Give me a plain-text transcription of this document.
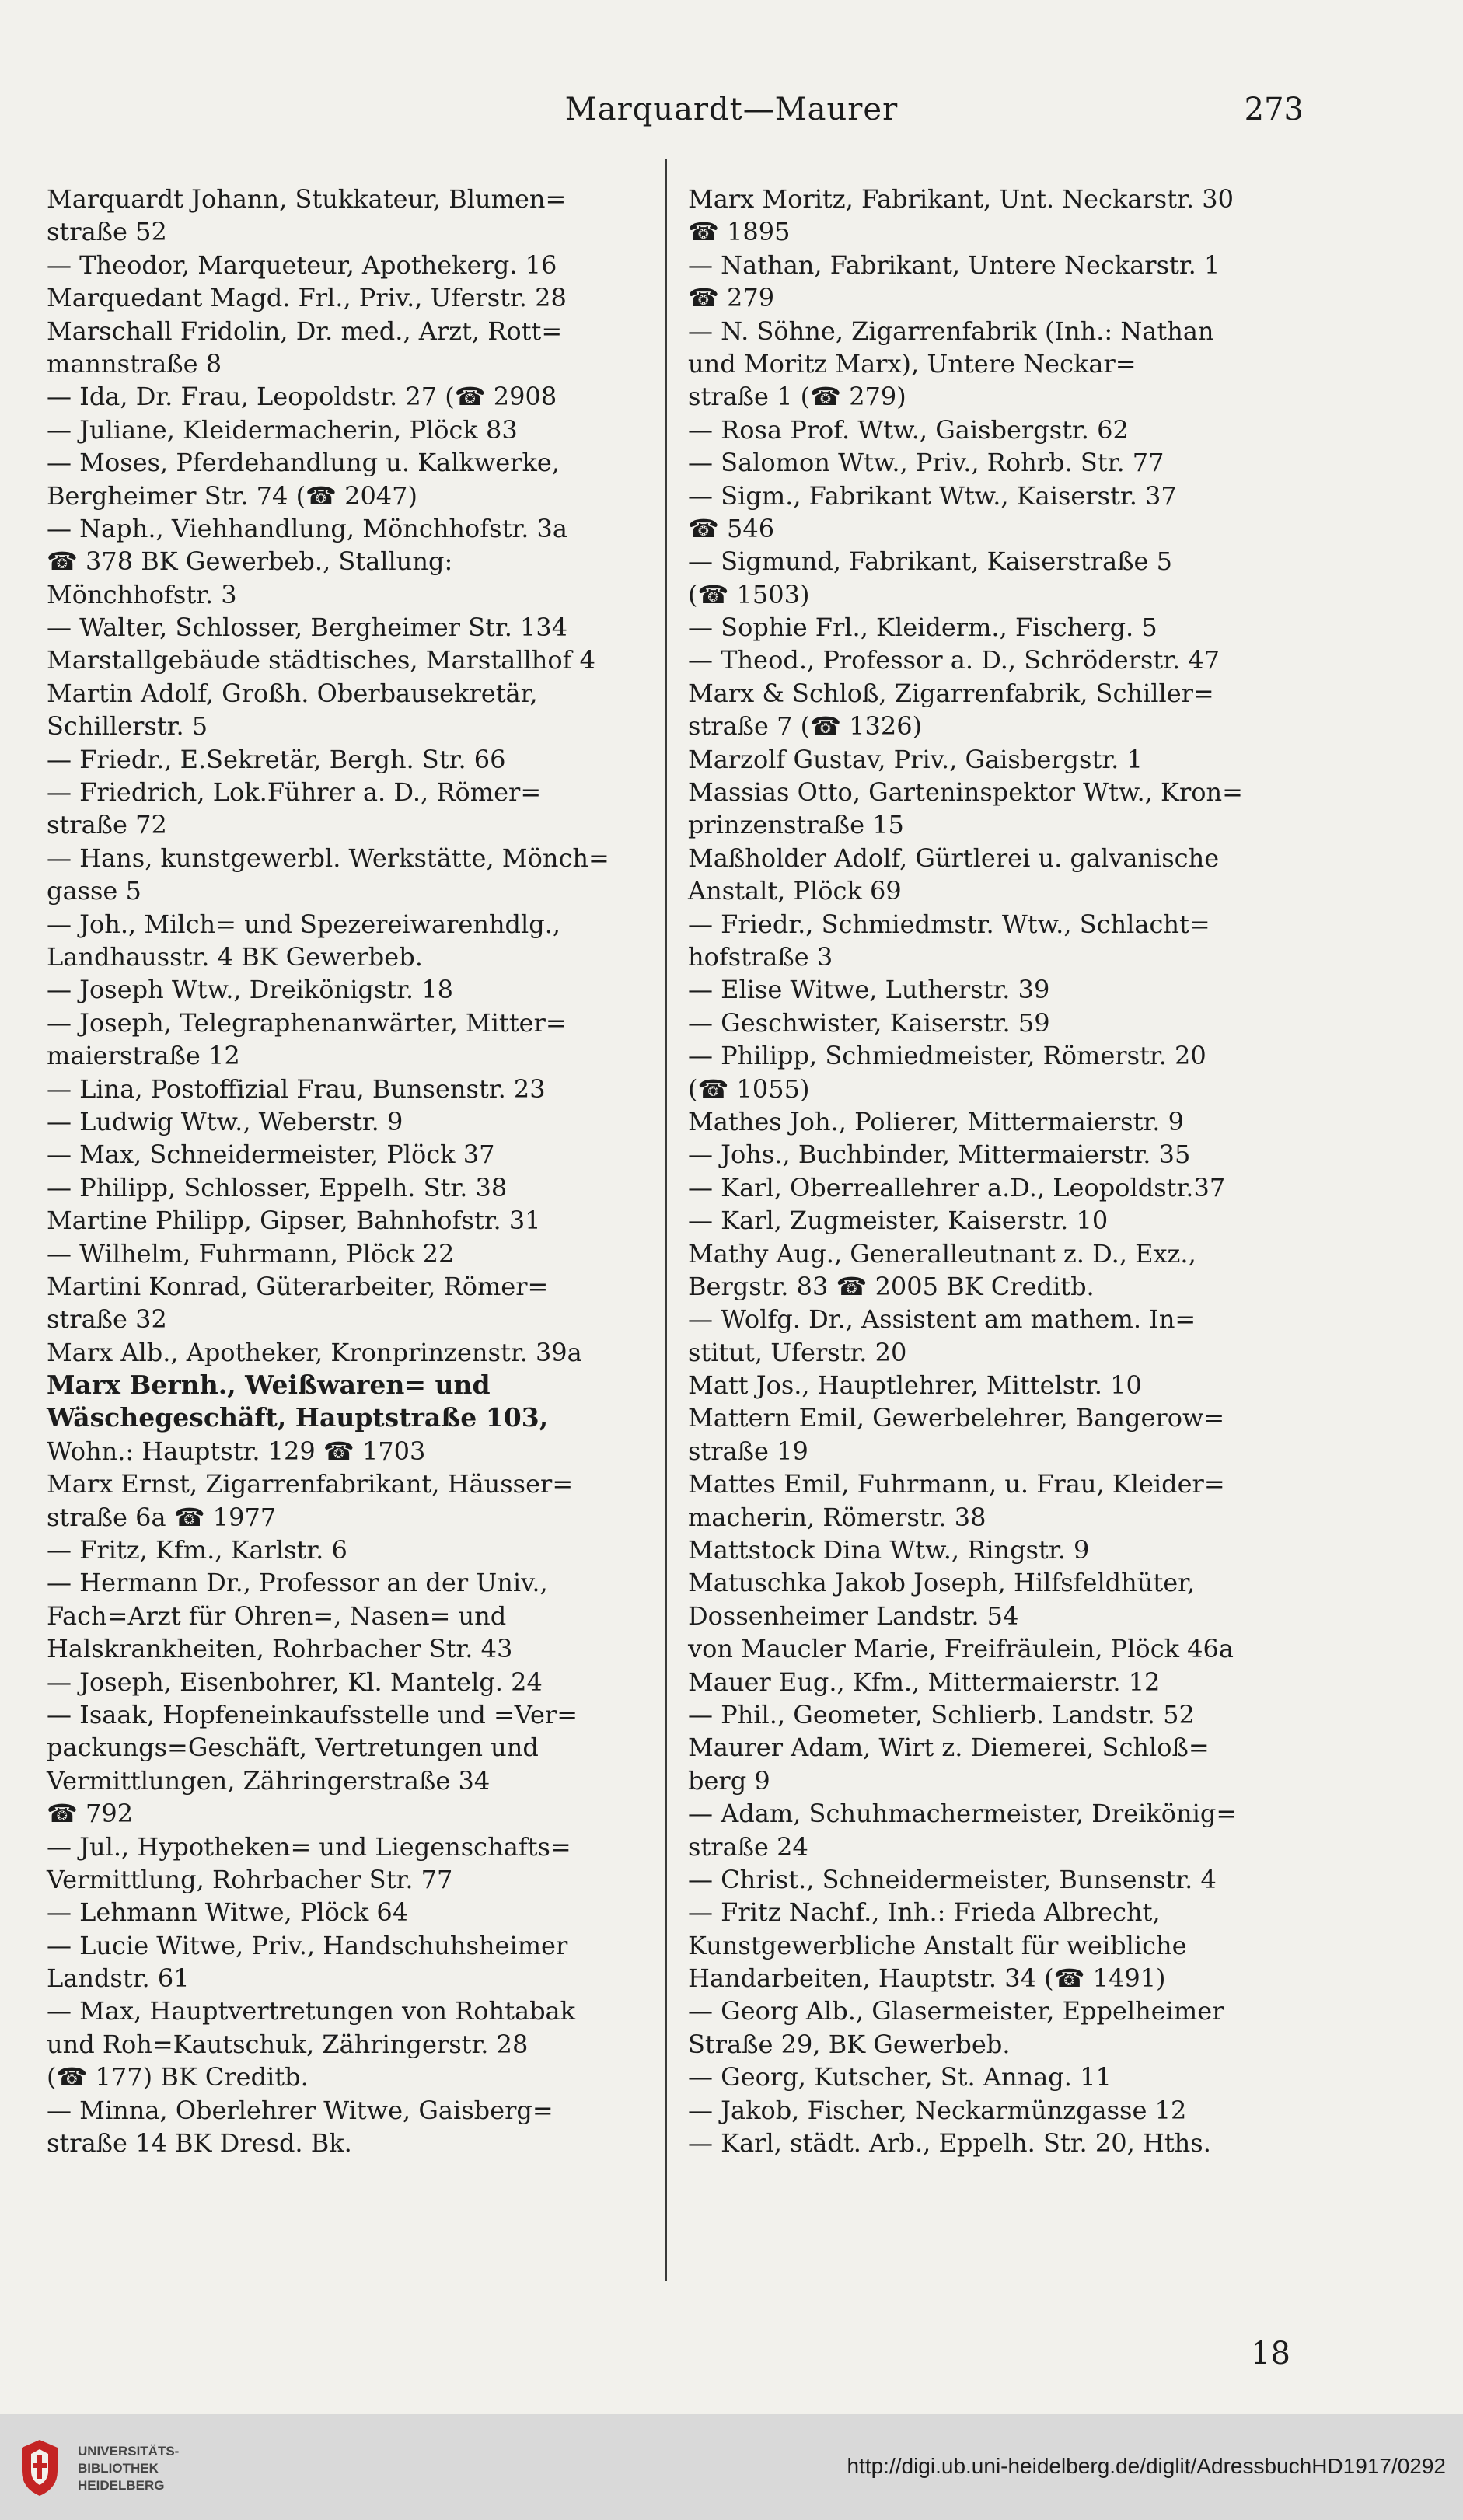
Marquardt—Maurer	273
Marquardt Johann, Stukkateur, Blumen=
straße 52
— Theodor, Marqueteur, Apothekerg. 16
Marquedant Magd. Frl., Priv., Uferstr. 28
Marschall Fridolin, Dr. med., Arzt, Rott=
mannstraße 8
— Ida, Dr. Frau, Leopoldstr. 27 (☎ 2908
— Juliane, Kleidermacherin, Plöck 83
— Moses, Pferdehandlung u. Kalkwerke,
Bergheimer Str. 74 (☎ 2047)
— Naph., Viehhandlung, Mönchhofstr. 3a
☎ 378 BK Gewerbeb., Stallung:
Mönchhofstr. 3
— Walter, Schlosser, Bergheimer Str. 134
Marstallgebäude städtisches, Marstallhof 4
Martin Adolf, Großh. Oberbausekretär,
Schillerstr. 5
— Friedr., E.Sekretär, Bergh. Str. 66
— Friedrich, Lok.Führer a. D., Römer=
straße 72
— Hans, kunstgewerbl. Werkstätte, Mönch=
gasse 5
— Joh., Milch= und Spezereiwarenhdlg.,
Landhausstr. 4 BK Gewerbeb.
— Joseph Wtw., Dreikönigstr. 18
— Joseph, Telegraphenanwärter, Mitter=
maierstraße 12
— Lina, Postoffizial Frau, Bunsenstr. 23
— Ludwig Wtw., Weberstr. 9
— Max, Schneidermeister, Plöck 37
— Philipp, Schlosser, Eppelh. Str. 38
Martine Philipp, Gipser, Bahnhofstr. 31
— Wilhelm, Fuhrmann, Plöck 22
Martini Konrad, Güterarbeiter, Römer=
straße 32
Marx Alb., Apotheker, Kronprinzenstr. 39a
Marx Bernh., Weißwaren= und
Wäschegeschäft, Hauptstraße 103,
Wohn.: Hauptstr. 129 ☎ 1703
Marx Ernst, Zigarrenfabrikant, Häusser=
straße 6a ☎ 1977
— Fritz, Kfm., Karlstr. 6
— Hermann Dr., Professor an der Univ.,
Fach=Arzt für Ohren=, Nasen= und
Halskrankheiten, Rohrbacher Str. 43
— Joseph, Eisenbohrer, Kl. Mantelg. 24
— Isaak, Hopfeneinkaufsstelle und =Ver=
packungs=Geschäft, Vertretungen und
Vermittlungen, Zähringerstraße 34
☎ 792
— Jul., Hypotheken= und Liegenschafts=
Vermittlung, Rohrbacher Str. 77
— Lehmann Witwe, Plöck 64
— Lucie Witwe, Priv., Handschuhsheimer
Landstr. 61
— Max, Hauptvertretungen von Rohtabak
und Roh=Kautschuk, Zähringerstr. 28
(☎ 177) BK Creditb.
— Minna, Oberlehrer Witwe, Gaisberg=
straße 14 BK Dresd. Bk.
Marx Moritz, Fabrikant, Unt. Neckarstr. 30
☎ 1895
— Nathan, Fabrikant, Untere Neckarstr. 1
☎ 279
— N. Söhne, Zigarrenfabrik (Inh.: Nathan
und Moritz Marx), Untere Neckar=
straße 1 (☎ 279)
— Rosa Prof. Wtw., Gaisbergstr. 62
— Salomon Wtw., Priv., Rohrb. Str. 77
— Sigm., Fabrikant Wtw., Kaiserstr. 37
☎ 546
— Sigmund, Fabrikant, Kaiserstraße 5
(☎ 1503)
— Sophie Frl., Kleiderm., Fischerg. 5
— Theod., Professor a. D., Schröderstr. 47
Marx & Schloß, Zigarrenfabrik, Schiller=
straße 7 (☎ 1326)
Marzolf Gustav, Priv., Gaisbergstr. 1
Massias Otto, Garteninspektor Wtw., Kron=
prinzenstraße 15
Maßholder Adolf, Gürtlerei u. galvanische
Anstalt, Plöck 69
— Friedr., Schmiedmstr. Wtw., Schlacht=
hofstraße 3
— Elise Witwe, Lutherstr. 39
— Geschwister, Kaiserstr. 59
— Philipp, Schmiedmeister, Römerstr. 20
(☎ 1055)
Mathes Joh., Polierer, Mittermaierstr. 9
— Johs., Buchbinder, Mittermaierstr. 35
— Karl, Oberreallehrer a.D., Leopoldstr.37
— Karl, Zugmeister, Kaiserstr. 10
Mathy Aug., Generalleutnant z. D., Exz.,
Bergstr. 83 ☎ 2005 BK Creditb.
— Wolfg. Dr., Assistent am mathem. In=
stitut, Uferstr. 20
Matt Jos., Hauptlehrer, Mittelstr. 10
Mattern Emil, Gewerbelehrer, Bangerow=
straße 19
Mattes Emil, Fuhrmann, u. Frau, Kleider=
macherin, Römerstr. 38
Mattstock Dina Wtw., Ringstr. 9
Matuschka Jakob Joseph, Hilfsfeldhüter,
Dossenheimer Landstr. 54
von Maucler Marie, Freifräulein, Plöck 46a
Mauer Eug., Kfm., Mittermaierstr. 12
— Phil., Geometer, Schlierb. Landstr. 52
Maurer Adam, Wirt z. Diemerei, Schloß=
berg 9
— Adam, Schuhmachermeister, Dreikönig=
straße 24
— Christ., Schneidermeister, Bunsenstr. 4
— Fritz Nachf., Inh.: Frieda Albrecht,
Kunstgewerbliche Anstalt für weibliche
Handarbeiten, Hauptstr. 34 (☎ 1491)
— Georg Alb., Glasermeister, Eppelheimer
Straße 29, BK Gewerbeb.
— Georg, Kutscher, St. Annag. 11
— Jakob, Fischer, Neckarmünzgasse 12
— Karl, städt. Arb., Eppelh. Str. 20, Hths.
18
UNIVERSITÄTS-
BIBLIOTHEK
HEIDELBERG
http://digi.ub.uni-heidelberg.de/diglit/AdressbuchHD1917/0292
